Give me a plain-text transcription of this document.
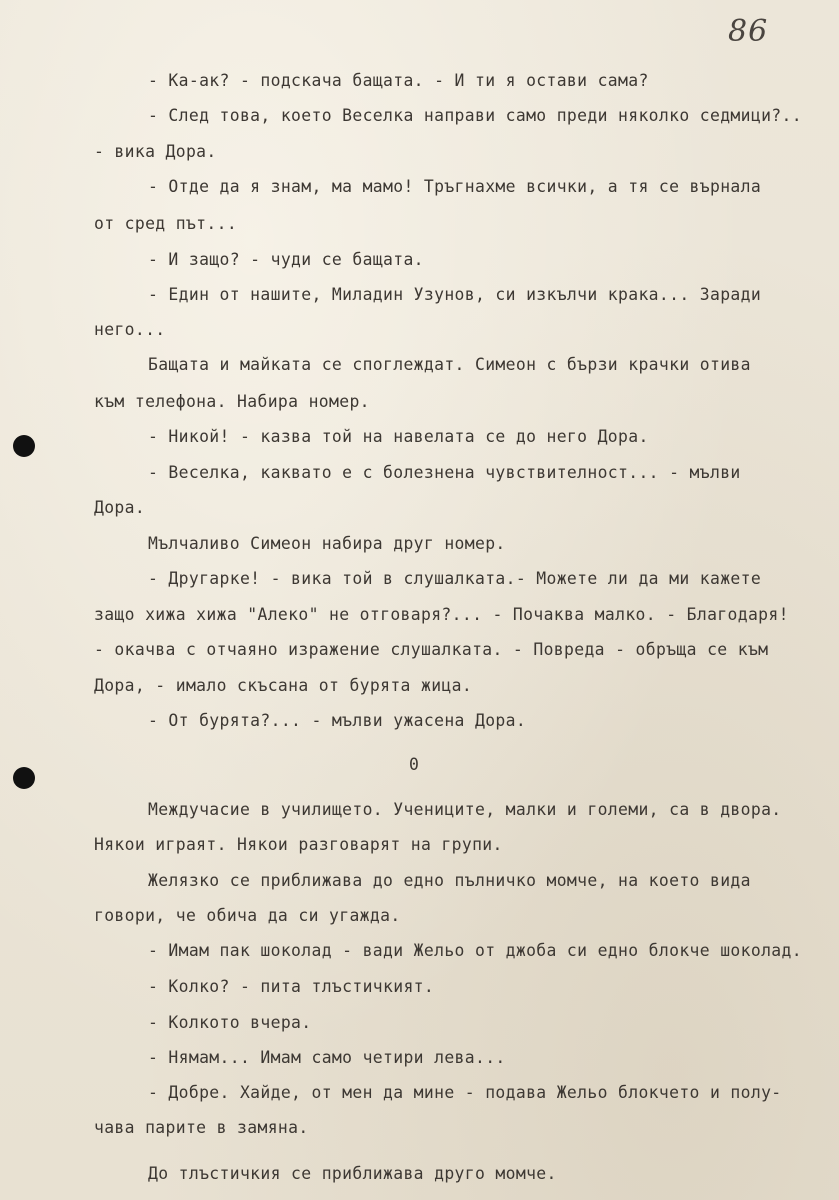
86
- Ка-ак? - подскача бащата. - И ти я остави сама?
- След това, което Веселка направи само преди няколко седмици?..
- вика Дора.
- Отде да я знам, ма мамо! Тръгнахме всички, а тя се върнала
от сред път...
- И защо? - чуди се бащата.
- Един от нашите, Миладин Узунов, си изкълчи крака... Заради
него...
Бащата и майката се споглеждат. Симеон с бързи крачки отива
към телефона. Набира номер.
- Никой! - казва той на навелата се до него Дора.
- Веселка, каквато е с болезнена чувствителност... - мълви
Дора.
Мълчаливо Симеон набира друг номер.
- Другарке! - вика той в слушалката.- Можете ли да ми кажете
защо хижа хижа "Алеко" не отговаря?... - Почаква малко. - Благодаря!
- окачва с отчаяно изражение слушалката. - Повреда - обръща се към
Дора, - имало скъсана от бурята жица.
- От бурята?... - мълви ужасена Дора.
0
Междучасие в училището. Учениците, малки и големи, са в двора.
Някои играят. Някои разговарят на групи.
Желязко се приближава до едно пълничко момче, на което вида
говори, че обича да си угажда.
- Имам пак шоколад - вади Жельо от джоба си едно блокче шоколад.
- Колко? - пита тлъстичкият.
- Колкото вчера.
- Нямам... Имам само четири лева...
- Добре. Хайде, от мен да мине - подава Жельо блокчето и полу-
чава парите в замяна.
До тлъстичкия се приближава друго момче.
